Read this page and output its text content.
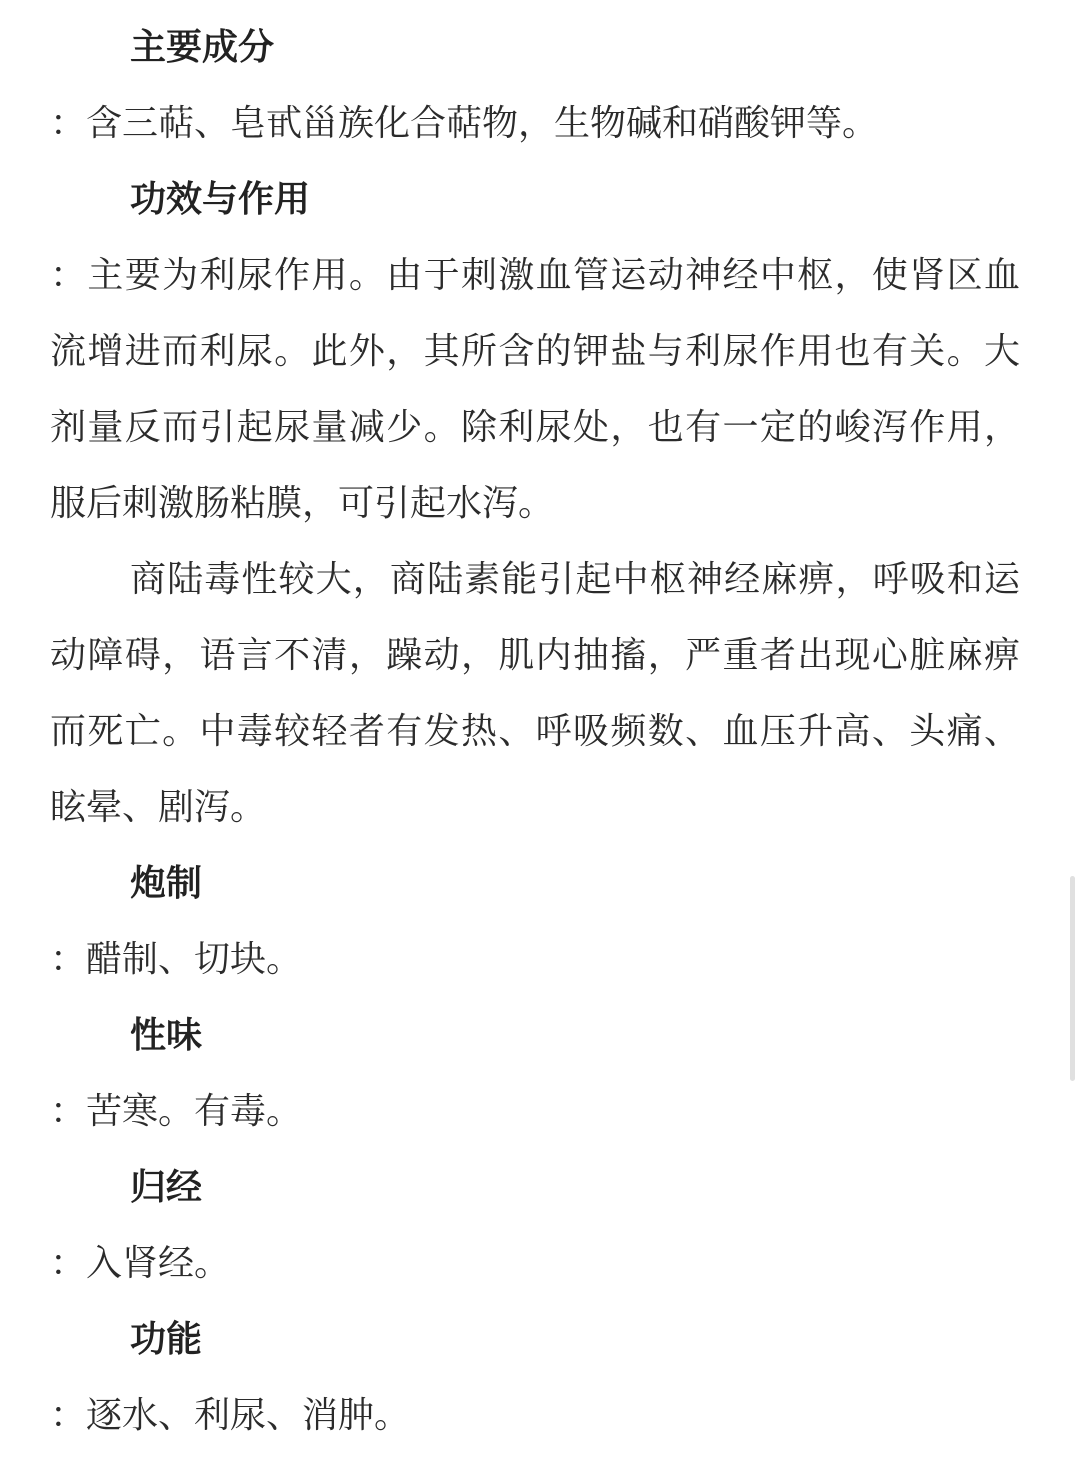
主要成分

：含三萜、皂甙甾族化合萜物，生物碱和硝酸钾等。

功效与作用

：主要为利尿作用。由于刺激血管运动神经中枢，使肾区血流增进而利尿。此外，其所含的钾盐与利尿作用也有关。大剂量反而引起尿量减少。除利尿处，也有一定的峻泻作用，服后刺激肠粘膜，可引起水泻。

商陆毒性较大，商陆素能引起中枢神经麻痹，呼吸和运动障碍，语言不清，躁动，肌内抽搐，严重者出现心脏麻痹而死亡。中毒较轻者有发热、呼吸频数、血压升高、头痛、眩晕、剧泻。

炮制

：醋制、切块。

性味

：苦寒。有毒。

归经

：入肾经。

功能

：逐水、利尿、消肿。
